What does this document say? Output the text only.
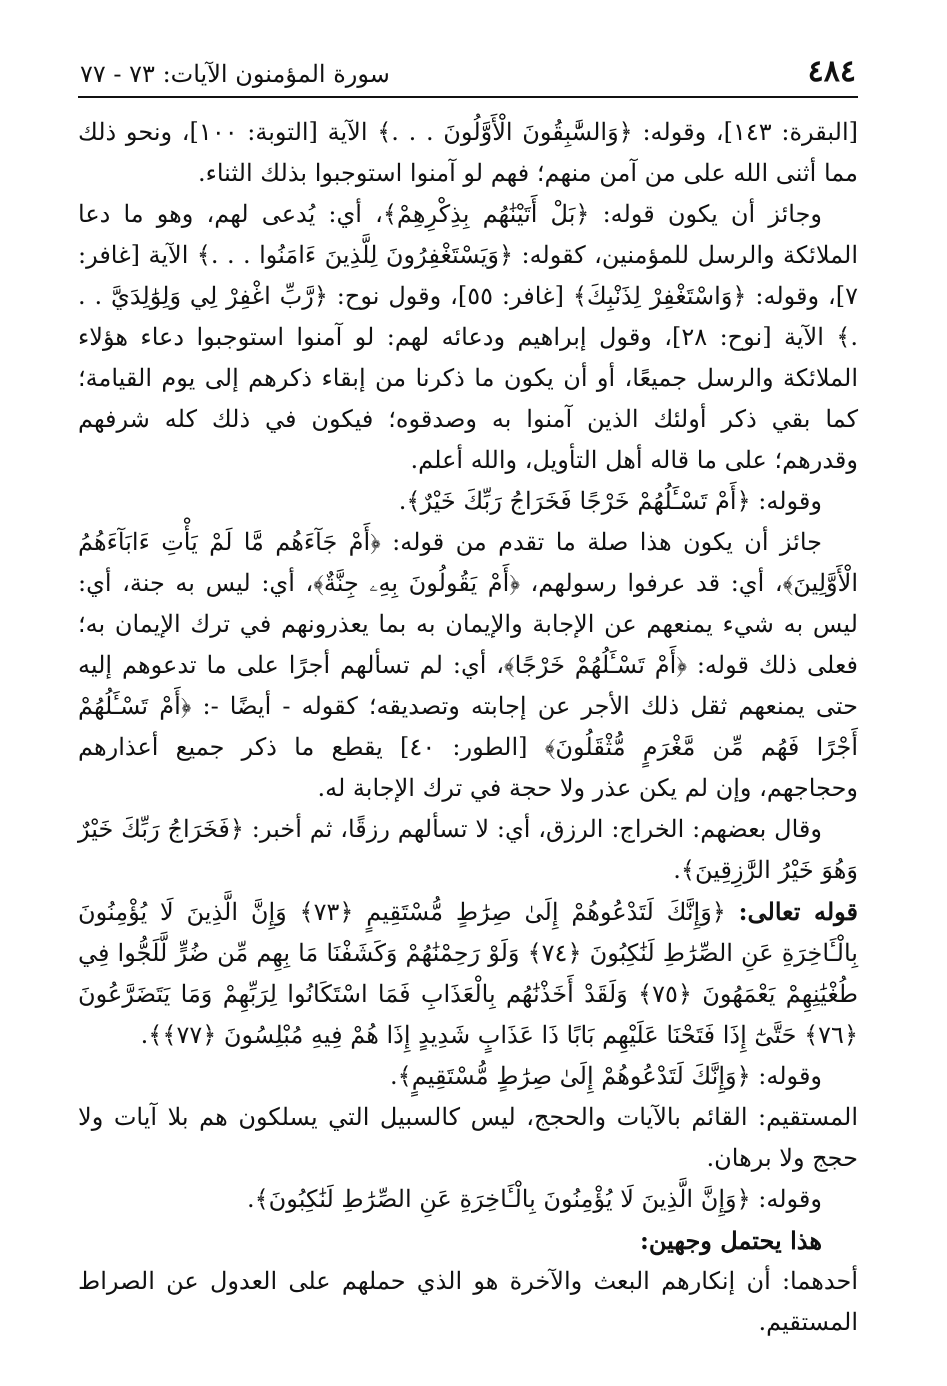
٤٨٤
سورة المؤمنون الآيات: ٧٣ - ٧٧

[البقرة: ١٤٣]، وقوله: ﴿وَالسَّٰبِقُونَ الْأَوَّلُونَ . . .﴾ الآية [التوبة: ١٠٠]، ونحو ذلك مما أثنى الله على من آمن منهم؛ فهم لو آمنوا استوجبوا بذلك الثناء.

وجائز أن يكون قوله: ﴿بَلْ أَتَيْنَٰهُم بِذِكْرِهِمْ﴾، أي: يُدعى لهم، وهو ما دعا الملائكة والرسل للمؤمنين، كقوله: ﴿وَيَسْتَغْفِرُونَ لِلَّذِينَ ءَامَنُوا . . .﴾ الآية [غافر: ٧]، وقوله: ﴿وَاسْتَغْفِرْ لِذَنْبِكَ﴾ [غافر: ٥٥]، وقول نوح: ﴿رَّبِّ اغْفِرْ لِي وَلِوَٰلِدَيَّ . . .﴾ الآية [نوح: ٢٨]، وقول إبراهيم ودعائه لهم: لو آمنوا استوجبوا دعاء هؤلاء الملائكة والرسل جميعًا، أو أن يكون ما ذكرنا من إبقاء ذكرهم إلى يوم القيامة؛ كما بقي ذكر أولئك الذين آمنوا به وصدقوه؛ فيكون في ذلك كله شرفهم وقدرهم؛ على ما قاله أهل التأويل، والله أعلم.

وقوله: ﴿أَمْ تَسْـَٔلُهُمْ خَرْجًا فَخَرَاجُ رَبِّكَ خَيْرٌ﴾.

جائز أن يكون هذا صلة ما تقدم من قوله: ﴿أَمْ جَآءَهُم مَّا لَمْ يَأْتِ ءَابَآءَهُمُ الْأَوَّلِينَ﴾، أي: قد عرفوا رسولهم، ﴿أَمْ يَقُولُونَ بِهِۦ جِنَّةٌ﴾، أي: ليس به جنة، أي: ليس به شيء يمنعهم عن الإجابة والإيمان به بما يعذرونهم في ترك الإيمان به؛ فعلى ذلك قوله: ﴿أَمْ تَسْـَٔلُهُمْ خَرْجًا﴾، أي: لم تسألهم أجرًا على ما تدعوهم إليه حتى يمنعهم ثقل ذلك الأجر عن إجابته وتصديقه؛ كقوله - أيضًا -: ﴿أَمْ تَسْـَٔلُهُمْ أَجْرًا فَهُم مِّن مَّغْرَمٍ مُّثْقَلُونَ﴾ [الطور: ٤٠] يقطع ما ذكر جميع أعذارهم وحجاجهم، وإن لم يكن عذر ولا حجة في ترك الإجابة له.

وقال بعضهم: الخراج: الرزق، أي: لا تسألهم رزقًا، ثم أخبر: ﴿فَخَرَاجُ رَبِّكَ خَيْرٌ وَهُوَ خَيْرُ الرَّٰزِقِينَ﴾.

قوله تعالى: ﴿وَإِنَّكَ لَتَدْعُوهُمْ إِلَىٰ صِرَٰطٍ مُّسْتَقِيمٍ ﴿٧٣﴾ وَإِنَّ الَّذِينَ لَا يُؤْمِنُونَ بِالْـَٔاخِرَةِ عَنِ الصِّرَٰطِ لَنَٰكِبُونَ ﴿٧٤﴾ وَلَوْ رَحِمْنَٰهُمْ وَكَشَفْنَا مَا بِهِم مِّن ضُرٍّ لَّلَجُّوا فِي طُغْيَٰنِهِمْ يَعْمَهُونَ ﴿٧٥﴾ وَلَقَدْ أَخَذْنَٰهُم بِالْعَذَابِ فَمَا اسْتَكَانُوا لِرَبِّهِمْ وَمَا يَتَضَرَّعُونَ ﴿٧٦﴾ حَتَّىٰٓ إِذَا فَتَحْنَا عَلَيْهِم بَابًا ذَا عَذَابٍ شَدِيدٍ إِذَا هُمْ فِيهِ مُبْلِسُونَ ﴿٧٧﴾﴾.

وقوله: ﴿وَإِنَّكَ لَتَدْعُوهُمْ إِلَىٰ صِرَٰطٍ مُّسْتَقِيمٍ﴾.

المستقيم: القائم بالآيات والحجج، ليس كالسبيل التي يسلكون هم بلا آيات ولا حجج ولا برهان.

وقوله: ﴿وَإِنَّ الَّذِينَ لَا يُؤْمِنُونَ بِالْـَٔاخِرَةِ عَنِ الصِّرَٰطِ لَنَٰكِبُونَ﴾.

هذا يحتمل وجهين:

أحدهما: أن إنكارهم البعث والآخرة هو الذي حملهم على العدول عن الصراط المستقيم.
